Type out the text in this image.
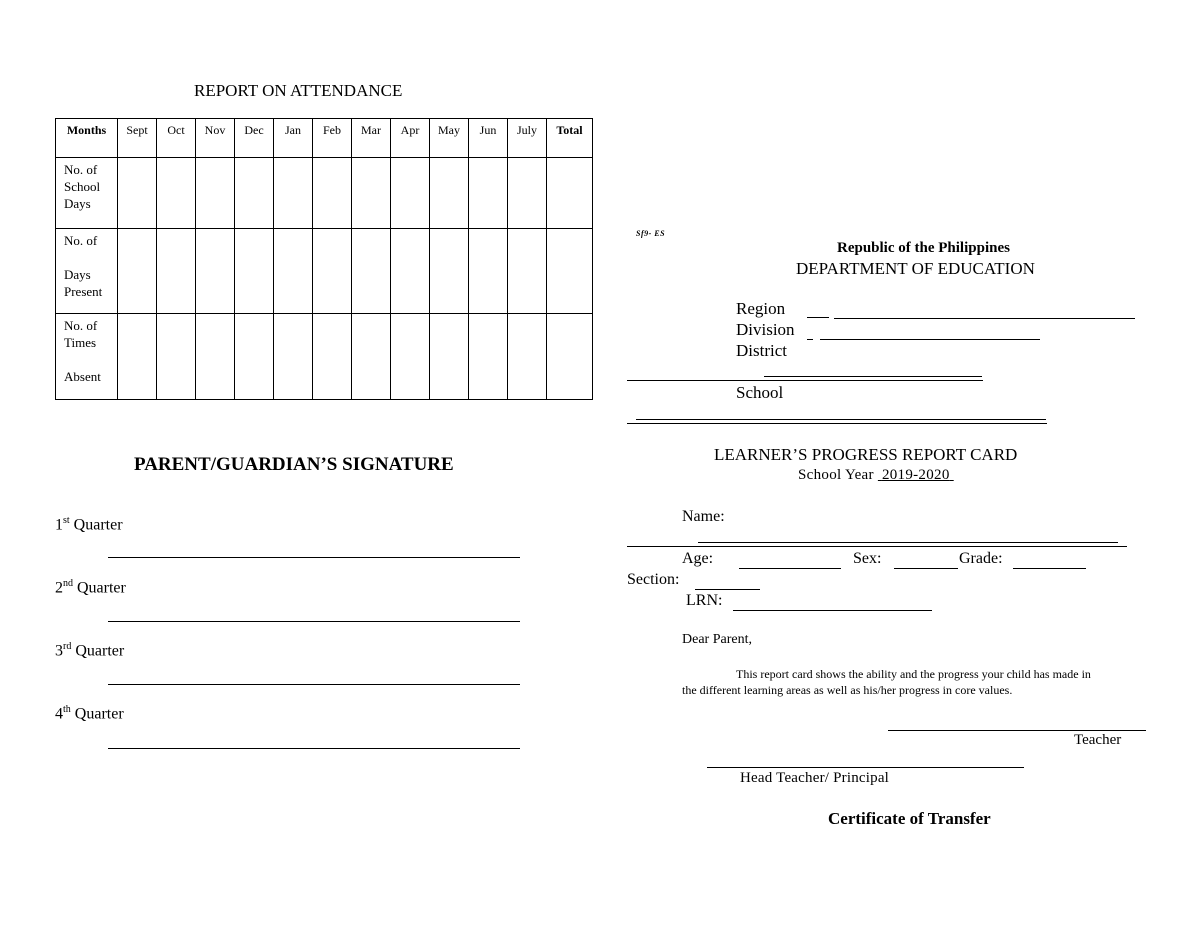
REPORT ON ATTENDANCE
Months	Sept	Oct	Nov	Dec	Jan	Feb	Mar	Apr	May	Jun	July	Total

No. of
School
Days												

No. of
Days
Present												

No. of
Times
Absent												

PARENT/GUARDIAN’S SIGNATURE
1st Quarter
2nd Quarter
3rd Quarter
4th Quarter
Sf9- ES
Republic of the Philippines
DEPARTMENT OF EDUCATION
Region
Division
District
School
LEARNER’S PROGRESS REPORT CARD
School Year 2019-2020
Name:
Age:	Sex:	Grade:
Section:
LRN:
Dear Parent,
This report card shows the ability and the progress your child has made in
the different learning areas as well as his/her progress in core values.
Teacher
Head Teacher/ Principal
Certificate of Transfer
